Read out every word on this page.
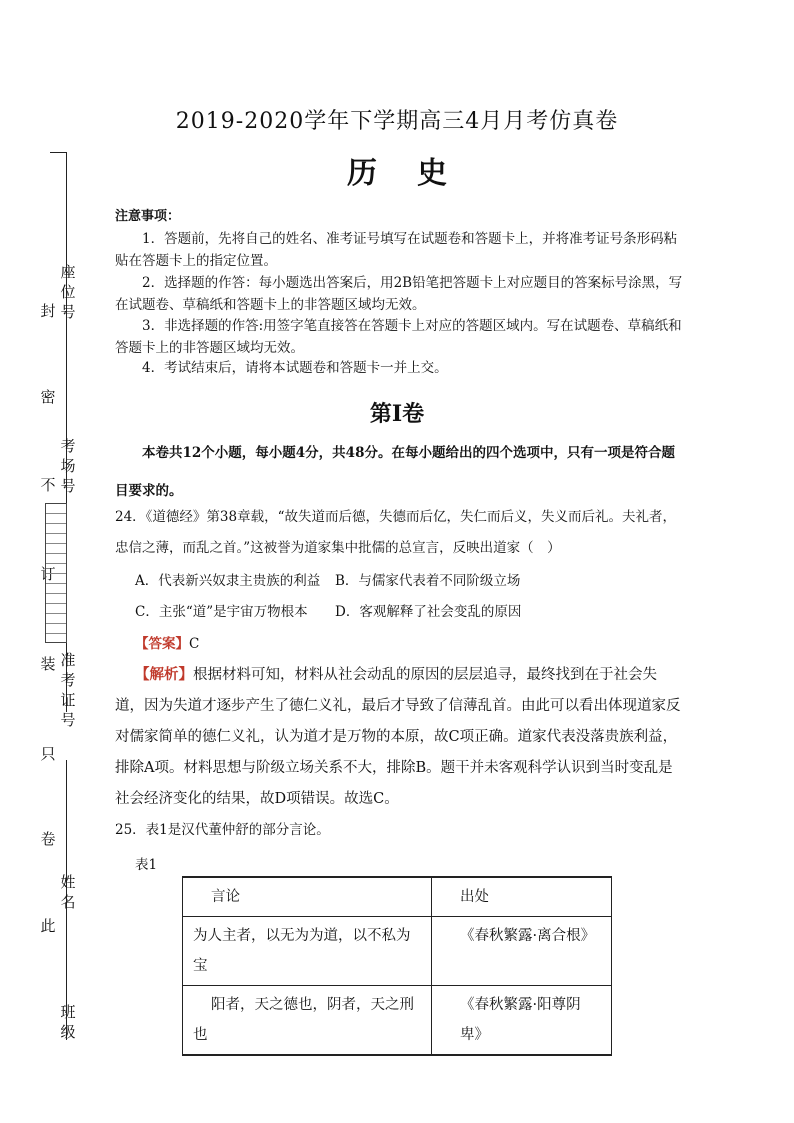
封
密
不
订
装
只
卷
此
座位号
考场号
准考证号
姓名
班级
2019-2020学年下学期高三4月月考仿真卷
历史
注意事项：
1．答题前，先将自己的姓名、准考证号填写在试题卷和答题卡上，并将准考证号条形码粘贴在答题卡上的指定位置。
2．选择题的作答：每小题选出答案后，用2B铅笔把答题卡上对应题目的答案标号涂黑，写在试题卷、草稿纸和答题卡上的非答题区域均无效。
3．非选择题的作答:用签字笔直接答在答题卡上对应的答题区域内。写在试题卷、草稿纸和答题卡上的非答题区域均无效。
4．考试结束后，请将本试题卷和答题卡一并上交。
第Ⅰ卷
本卷共12个小题，每小题4分，共48分。在每小题给出的四个选项中，只有一项是符合题目要求的。
24．《道德经》第38章载，“故失道而后德，失德而后亿，失仁而后义，失义而后礼。夫礼者，忠信之薄，而乱之首。”这被誉为道家集中批儒的总宣言，反映出道家（　）
A．代表新兴奴隶主贵族的利益 B．与儒家代表着不同阶级立场
C．主张“道”是宇宙万物根本 D．客观解释了社会变乱的原因
【答案】C
【解析】根据材料可知，材料从社会动乱的原因的层层追寻，最终找到在于社会失道，因为失道才逐步产生了德仁义礼，最后才导致了信薄乱首。由此可以看出体现道家反对儒家简单的德仁义礼，认为道才是万物的本原，故C项正确。道家代表没落贵族利益，排除A项。材料思想与阶级立场关系不大，排除B。题干并未客观科学认识到当时变乱是社会经济变化的结果，故D项错误。故选C。
25．表1是汉代董仲舒的部分言论。
表1
言论	出处
为人主者，以无为为道，以不私为宝	《春秋繁露·离合根》
阳者，天之德也，阴者，天之刑也	《春秋繁露·阳尊阴卑》
